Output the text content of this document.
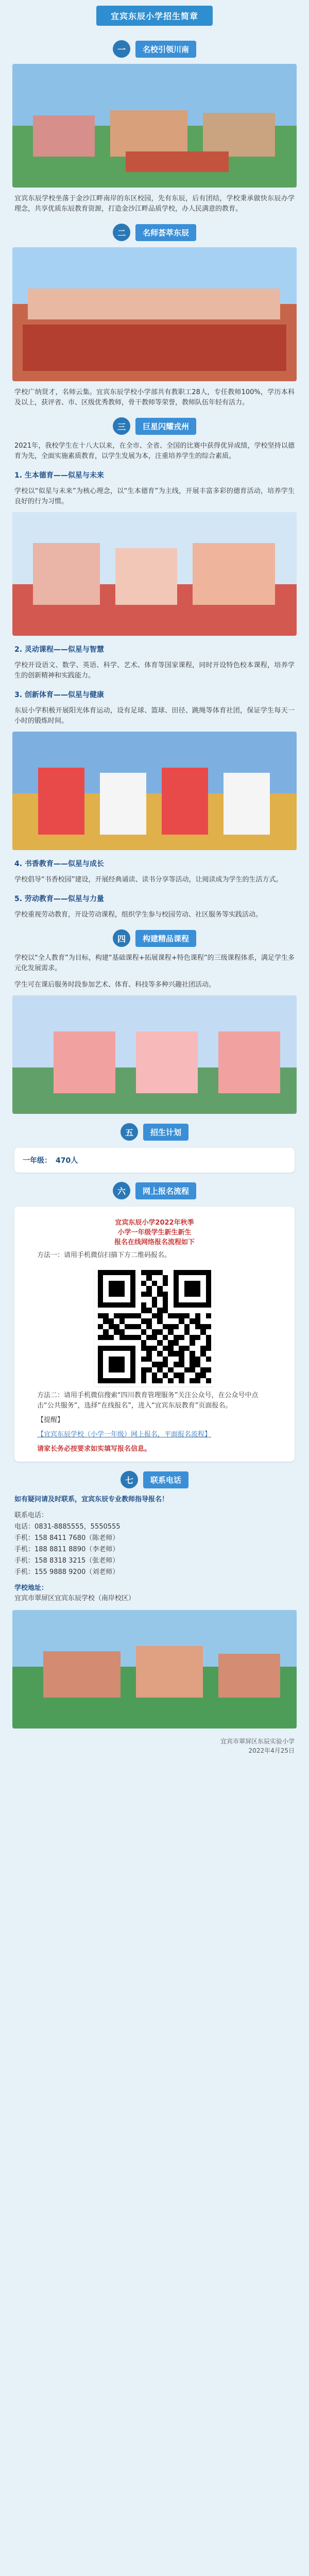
宜宾东辰小学招生简章
一	名校引领川南
宜宾东辰学校坐落于金沙江畔南岸的东区校园，先有东辰，后有团结，学校秉承做快东辰办学理念，共享优质东辰教育资源，打造金沙江畔品质学校，办人民满意的教育。
二	名师荟萃东辰
学校广纳贤才，名师云集。宜宾东辰学校小学部共有教职工28人，专任教师100%，学历本科及以上，获评省、市、区级优秀教师，骨干教师等荣誉，教师队伍年轻有活力。
三	巨星闪耀戎州
2021年，我校学生在十八大以来，在全市、全省、全国的比赛中获得优异成绩，学校坚持以德育为先，全面实施素质教育，以学生发展为本，注重培养学生的综合素质。
1. 生本德育——似星与未来
学校以“似星与未来”为核心理念，以“生本德育”为主线，开展丰富多彩的德育活动，培养学生良好的行为习惯。
2. 灵动课程——似星与智慧
学校开设语文、数学、英语、科学、艺术、体育等国家课程，同时开设特色校本课程，培养学生的创新精神和实践能力。
3. 创新体育——似星与健康
东辰小学积极开展阳光体育运动，设有足球、篮球、田径、跳绳等体育社团，保证学生每天一小时的锻炼时间。
4. 书香教育——似星与成长
学校倡导“书香校园”建设，开展经典诵读、读书分享等活动，让阅读成为学生的生活方式。
5. 劳动教育——似星与力量
学校重视劳动教育，开设劳动课程，组织学生参与校园劳动、社区服务等实践活动。
四	构建精品课程
学校以“全人教育”为目标，构建“基础课程+拓展课程+特色课程”的三级课程体系，满足学生多元化发展需求。
学生可在课后服务时段参加艺术、体育、科技等多种兴趣社团活动。
五	招生计划
一年级： 470人
六	网上报名流程
宜宾东辰小学2022年秋季
小学一年级学生新生新生
报名在线网络报名流程如下
方法一：请用手机微信扫描下方二维码报名。
方法二：请用手机微信搜索“四川教育管理服务”关注公众号，在公众号中点击“公共服务”，选择“在线报名”，进入“宜宾东辰教育”页面报名。
【提醒】
【宜宾东辰学校（小学一年级）网上报名，平面报名流程】
请家长务必按要求如实填写报名信息。
七	联系电话
如有疑问请及时联系，宜宾东辰专业教师指导报名！
联系电话：
电话：0831-8885555，5550555
手机：158 8411 7680（陈老师）
手机：188 8811 8890（李老师）
手机：158 8318 3215（张老师）
手机：155 9888 9200（刘老师）
学校地址：
宜宾市翠屏区宜宾东辰学校（南岸校区）
宜宾市翠屏区东辰实验小学
2022年4月25日
